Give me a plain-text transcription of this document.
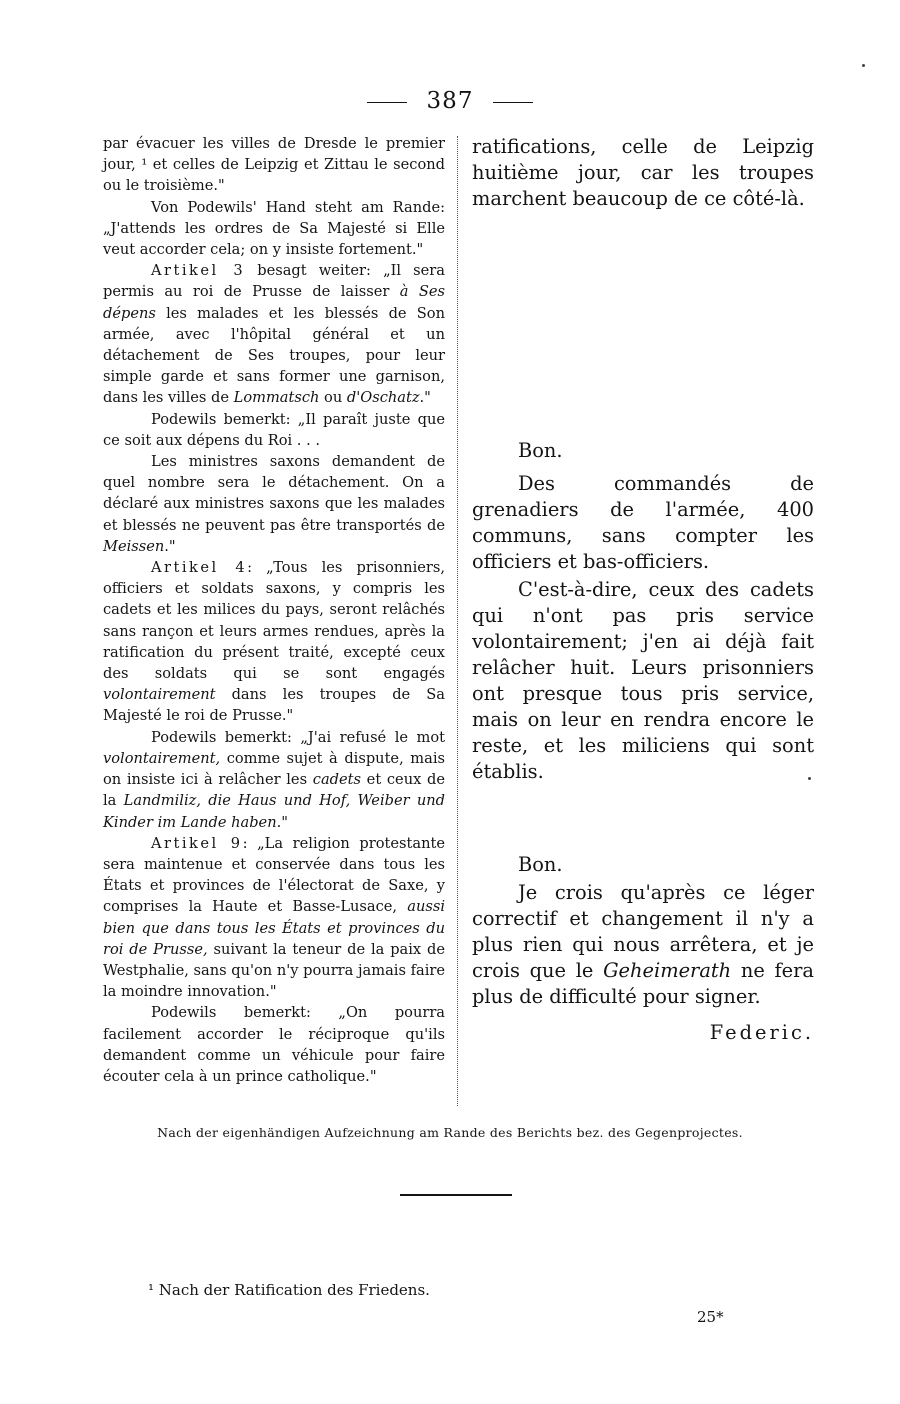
387

par évacuer les villes de Dresde le premier jour, ¹ et celles de Leipzig et Zittau le second ou le troisième."

Von Podewils' Hand steht am Rande: „J'attends les ordres de Sa Majesté si Elle veut accorder cela; on y insiste fortement."

Artikel 3 besagt weiter: „Il sera permis au roi de Prusse de laisser à Ses dépens les malades et les blessés de Son armée, avec l'hôpital général et un détachement de Ses troupes, pour leur simple garde et sans former une garnison, dans les villes de Lommatsch ou d'Oschatz."

Podewils bemerkt: „Il paraît juste que ce soit aux dépens du Roi . . .

Les ministres saxons demandent de quel nombre sera le détachement. On a déclaré aux ministres saxons que les malades et blessés ne peuvent pas être transportés de Meissen."

Artikel 4: „Tous les prisonniers, officiers et soldats saxons, y compris les cadets et les milices du pays, seront relâchés sans rançon et leurs armes rendues, après la ratification du présent traité, excepté ceux des soldats qui se sont engagés volontairement dans les troupes de Sa Majesté le roi de Prusse."

Podewils bemerkt: „J'ai refusé le mot volontairement, comme sujet à dispute, mais on insiste ici à relâcher les cadets et ceux de la Landmiliz, die Haus und Hof, Weiber und Kinder im Lande haben."

Artikel 9: „La religion protestante sera maintenue et conservée dans tous les États et provinces de l'électorat de Saxe, y comprises la Haute et Basse-Lusace, aussi bien que dans tous les États et provinces du roi de Prusse, suivant la teneur de la paix de Westphalie, sans qu'on n'y pourra jamais faire la moindre innovation."

Podewils bemerkt: „On pourra facilement accorder le réciproque qu'ils demandent comme un véhicule pour faire écouter cela à un prince catholique."

ratifications, celle de Leipzig huitième jour, car les troupes marchent beaucoup de ce côté-là.

Bon.

Des commandés de grenadiers de l'armée, 400 communs, sans compter les officiers et bas-officiers.

C'est-à-dire, ceux des cadets qui n'ont pas pris service volontairement; j'en ai déjà fait relâcher huit. Leurs prisonniers ont presque tous pris service, mais on leur en rendra encore le reste, et les miliciens qui sont établis.

Bon.

Je crois qu'après ce léger correctif et changement il n'y a plus rien qui nous arrêtera, et je crois que le Geheimerath ne fera plus de difficulté pour signer.

Federic.

Nach der eigenhändigen Aufzeichnung am Rande des Berichts bez. des Gegenprojectes.
¹ Nach der Ratification des Friedens.
25*
